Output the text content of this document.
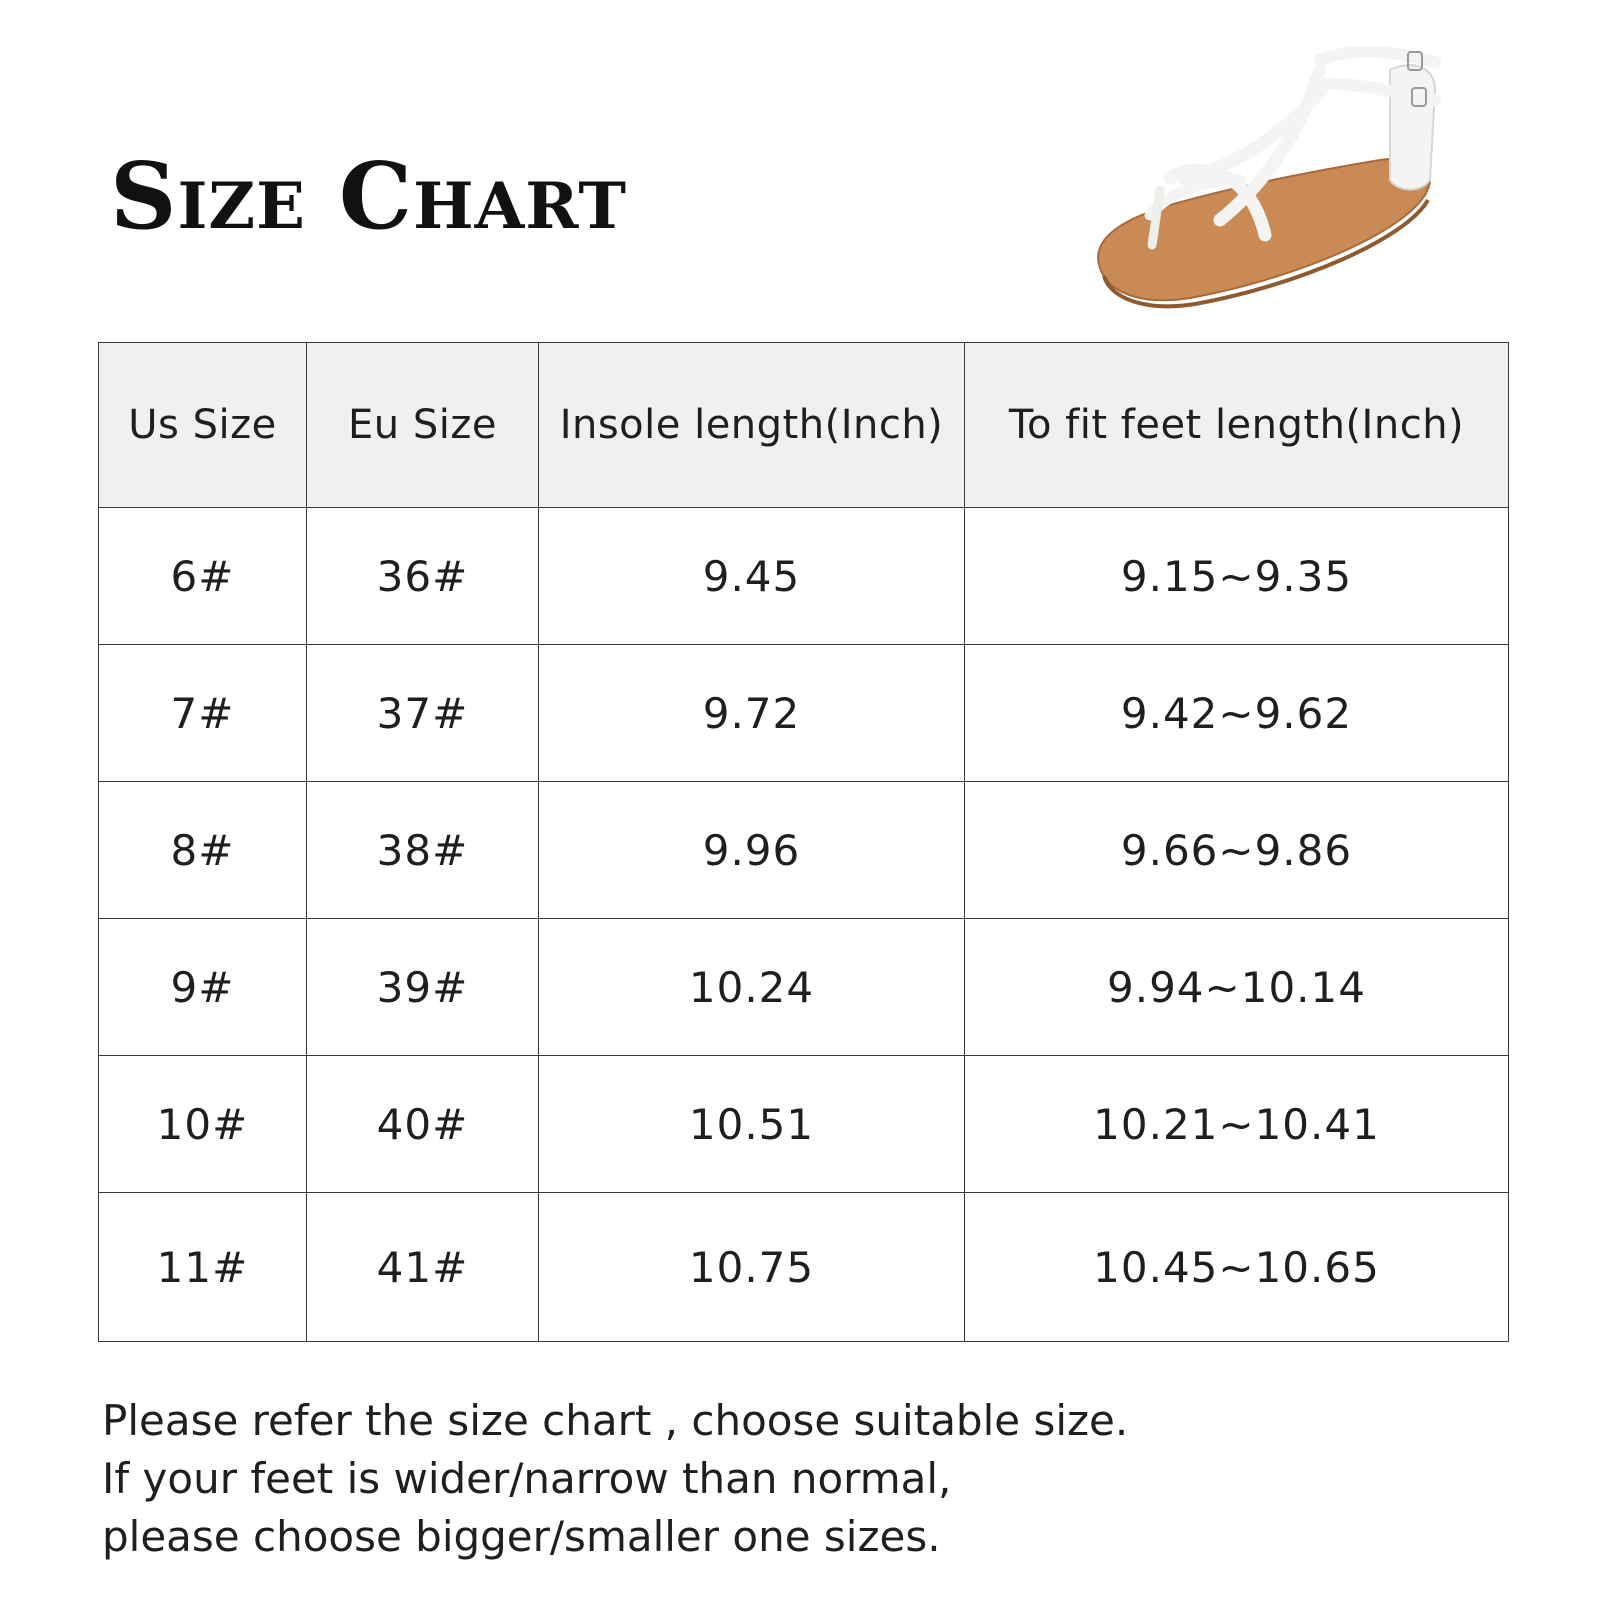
Size Chart
Us Size	Eu Size	Insole length(Inch)	To fit feet length(Inch)
6#	36#	9.45	9.15~9.35
7#	37#	9.72	9.42~9.62
8#	38#	9.96	9.66~9.86
9#	39#	10.24	9.94~10.14
10#	40#	10.51	10.21~10.41
11#	41#	10.75	10.45~10.65

Please refer the size chart , choose suitable size.
If your feet is wider/narrow than normal,
please choose bigger/smaller one sizes.
